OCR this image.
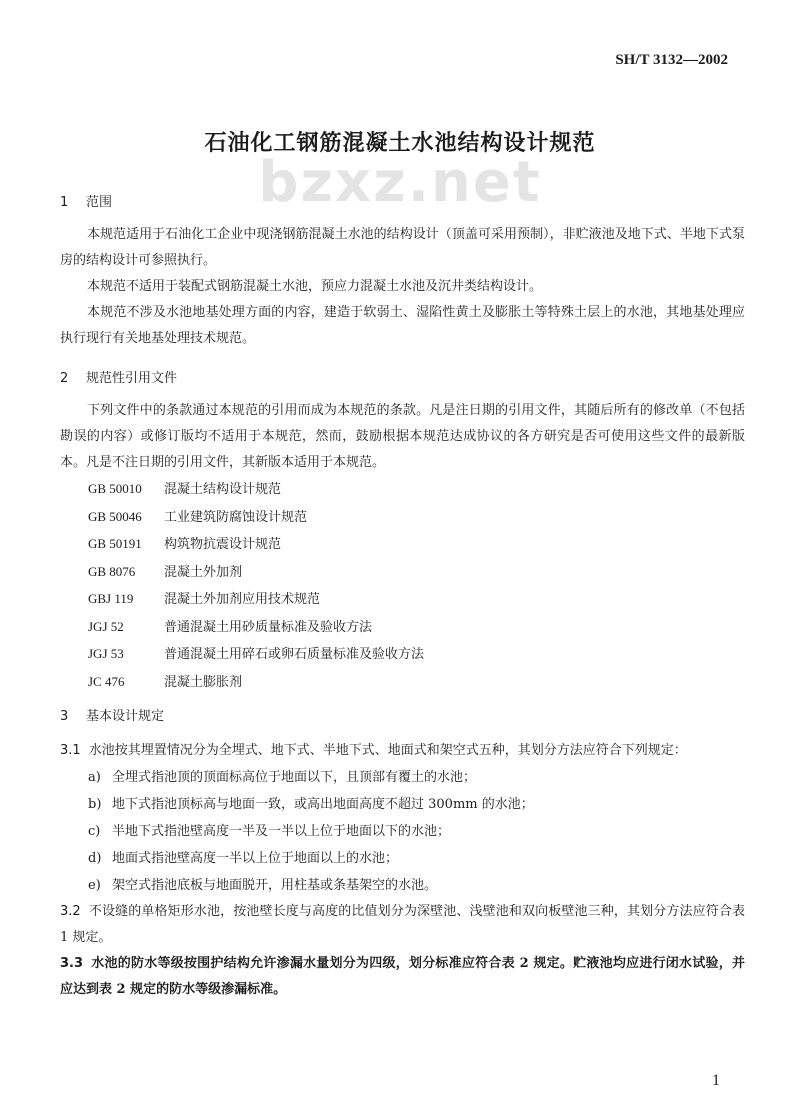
SH/T 3132—2002
石油化工钢筋混凝土水池结构设计规范
bzxz.net

1 范围

本规范适用于石油化工企业中现浇钢筋混凝土水池的结构设计（顶盖可采用预制），非贮液池及地下式、半地下式泵房的结构设计可参照执行。

本规范不适用于装配式钢筋混凝土水池，预应力混凝土水池及沉井类结构设计。

本规范不涉及水池地基处理方面的内容，建造于软弱土、湿陷性黄土及膨胀土等特殊土层上的水池，其地基处理应执行现行有关地基处理技术规范。

2 规范性引用文件

下列文件中的条款通过本规范的引用而成为本规范的条款。凡是注日期的引用文件，其随后所有的修改单（不包括勘误的内容）或修订版均不适用于本规范，然而，鼓励根据本规范达成协议的各方研究是否可使用这些文件的最新版本。凡是不注日期的引用文件，其新版本适用于本规范。

GB 50010 混凝土结构设计规范
GB 50046 工业建筑防腐蚀设计规范
GB 50191 构筑物抗震设计规范
GB 8076 混凝土外加剂
GBJ 119 混凝土外加剂应用技术规范
JGJ 52	普通混凝土用砂质量标准及验收方法
JGJ 53	普通混凝土用碎石或卵石质量标准及验收方法
JC 476	混凝土膨胀剂

3 基本设计规定

3.1 水池按其埋置情况分为全埋式、地下式、半地下式、地面式和架空式五种，其划分方法应符合下列规定：

a) 全埋式指池顶的顶面标高位于地面以下，且顶部有覆土的水池；
b) 地下式指池顶标高与地面一致，或高出地面高度不超过 300mm 的水池；
c) 半地下式指池壁高度一半及一半以上位于地面以下的水池；
d) 地面式指池壁高度一半以上位于地面以上的水池；
e) 架空式指池底板与地面脱开，用柱基或条基架空的水池。

3.2 不设缝的单格矩形水池，按池壁长度与高度的比值划分为深壁池、浅壁池和双向板壁池三种，其划分方法应符合表 1 规定。

3.3 水池的防水等级按围护结构允许渗漏水量划分为四级，划分标准应符合表 2 规定。贮液池均应进行闭水试验，并应达到表 2 规定的防水等级渗漏标准。

1
